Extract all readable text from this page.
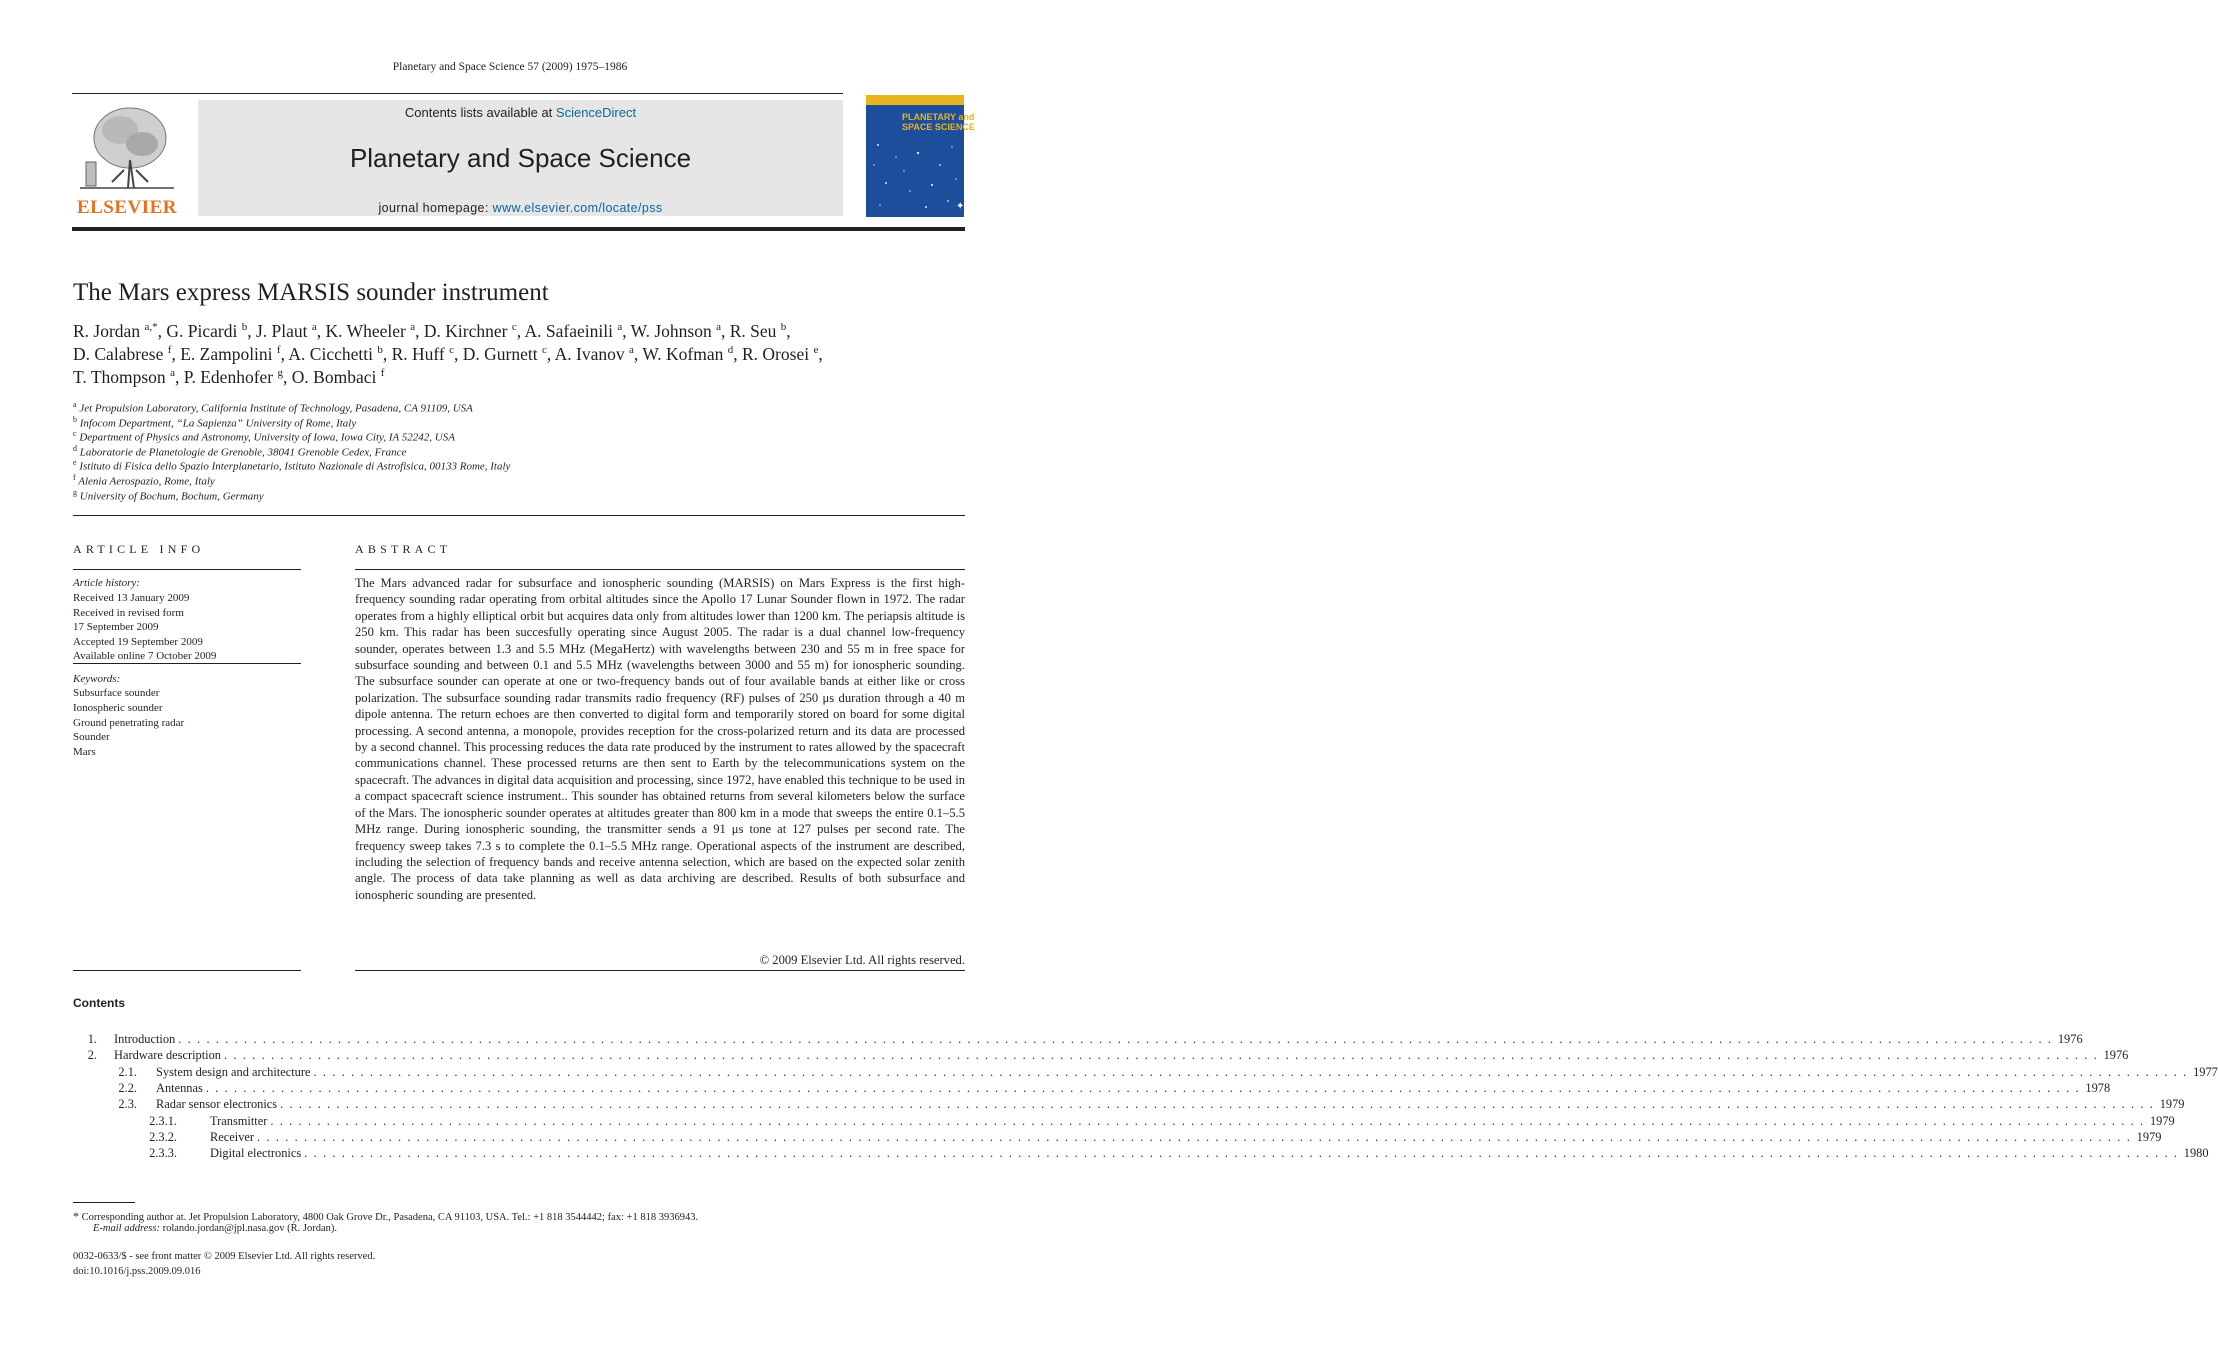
Planetary and Space Science 57 (2009) 1975–1986
ELSEVIER
Contents lists available at ScienceDirect
Planetary and Space Science
journal homepage: www.elsevier.com/locate/pss	✦
PLANETARY and
SPACE SCIENCE
The Mars express MARSIS sounder instrument
R. Jordan $^{a,*}$, G. Picardi $^b$, J. Plaut $^a$, K. Wheeler $^a$, D. Kirchner $^c$, A. Safaeinili $^a$, W. Johnson $^a$, R. Seu $^b$,
D. Calabrese $^f$, E. Zampolini $^f$, A. Cicchetti $^b$, R. Huff $^c$, D. Gurnett $^c$, A. Ivanov $^a$, W. Kofman $^d$, R. Orosei $^e$,
T. Thompson $^a$, P. Edenhofer $^g$, O. Bombaci $^f$
$^a$ Jet Propulsion Laboratory, California Institute of Technology, Pasadena, CA 91109, USA
$^b$ Infocom Department, “La Sapienza” University of Rome, Italy
$^c$ Department of Physics and Astronomy, University of Iowa, Iowa City, IA 52242, USA
$^d$ Laboratorie de Planetologie de Grenoble, 38041 Grenoble Cedex, France
$^e$ Istituto di Fisica dello Spazio Interplanetario, Istituto Nazionale di Astrofisica, 00133 Rome, Italy
$^f$ Alenia Aerospazio, Rome, Italy
$^g$ University of Bochum, Bochum, Germany
ARTICLE INFO	ABSTRACT
Article history:
Received 13 January 2009
Received in revised form
17 September 2009
Accepted 19 September 2009
Available online 7 October 2009
Keywords:
Subsurface sounder
Ionospheric sounder
Ground penetrating radar
Sounder
Mars
The Mars advanced radar for subsurface and ionospheric sounding (MARSIS) on Mars Express is the first high-frequency sounding radar operating from orbital altitudes since the Apollo 17 Lunar Sounder flown in 1972. The radar operates from a highly elliptical orbit but acquires data only from altitudes lower than 1200 km. The periapsis altitude is 250 km. This radar has been succesfully operating since August 2005. The radar is a dual channel low-frequency sounder, operates between 1.3 and 5.5 MHz (MegaHertz) with wavelengths between 230 and 55 m in free space for subsurface sounding and between 0.1 and 5.5 MHz (wavelengths between 3000 and 55 m) for ionospheric sounding. The subsurface sounder can operate at one or two-frequency bands out of four available bands at either like or cross polarization. The subsurface sounding radar transmits radio frequency (RF) pulses of 250 μs duration through a 40 m dipole antenna. The return echoes are then converted to digital form and temporarily stored on board for some digital processing. A second antenna, a monopole, provides reception for the cross-polarized return and its data are processed by a second channel. This processing reduces the data rate produced by the instrument to rates allowed by the spacecraft communications channel. These processed returns are then sent to Earth by the telecommunications system on the spacecraft. The advances in digital data acquisition and processing, since 1972, have enabled this technique to be used in a compact spacecraft science instrument.. This sounder has obtained returns from several kilometers below the surface of the Mars. The ionospheric sounder operates at altitudes greater than 800 km in a mode that sweeps the entire 0.1–5.5 MHz range. During ionospheric sounding, the transmitter sends a 91 μs tone at 127 pulses per second rate. The frequency sweep takes 7.3 s to complete the 0.1–5.5 MHz range. Operational aspects of the instrument are described, including the selection of frequency bands and receive antenna selection, which are based on the expected solar zenith angle. The process of data take planning as well as data archiving are described. Results of both subsurface and ionospheric sounding are presented.
© 2009 Elsevier Ltd. All rights reserved.
Contents
1. Introduction . . . . . . . . . . . . . . . . . . . . . . . . . . . . . . . . . . . . . . . . . . . . . . . . . . . . . . . . . . . . . . . . . . . . . . . . . . . . . . . . . . . . . . . . . . . . . . . . . . . . . . . . . . . . . . . . . . . . . . . . . . . . . . . . . . . . . . . . . . . . . . . . . . . . . . . . . . . . . . . . . . . . . . . . . . . . . . . . . . . . . . . . . . . . . . . . . . . . . . . . 1976
2. Hardware description . . . . . . . . . . . . . . . . . . . . . . . . . . . . . . . . . . . . . . . . . . . . . . . . . . . . . . . . . . . . . . . . . . . . . . . . . . . . . . . . . . . . . . . . . . . . . . . . . . . . . . . . . . . . . . . . . . . . . . . . . . . . . . . . . . . . . . . . . . . . . . . . . . . . . . . . . . . . . . . . . . . . . . . . . . . . . . . . . . . . . . . . . . . . . . . . . . . . . . . . 1976
2.1. System design and architecture . . . . . . . . . . . . . . . . . . . . . . . . . . . . . . . . . . . . . . . . . . . . . . . . . . . . . . . . . . . . . . . . . . . . . . . . . . . . . . . . . . . . . . . . . . . . . . . . . . . . . . . . . . . . . . . . . . . . . . . . . . . . . . . . . . . . . . . . . . . . . . . . . . . . . . . . . . . . . . . . . . . . . . . . . . . . . . . . . . . . . . . . . . . . . . . . . . . . . . . . 1977
2.2. Antennas . . . . . . . . . . . . . . . . . . . . . . . . . . . . . . . . . . . . . . . . . . . . . . . . . . . . . . . . . . . . . . . . . . . . . . . . . . . . . . . . . . . . . . . . . . . . . . . . . . . . . . . . . . . . . . . . . . . . . . . . . . . . . . . . . . . . . . . . . . . . . . . . . . . . . . . . . . . . . . . . . . . . . . . . . . . . . . . . . . . . . . . . . . . . . . . . . . . . . . . . 1978
2.3. Radar sensor electronics . . . . . . . . . . . . . . . . . . . . . . . . . . . . . . . . . . . . . . . . . . . . . . . . . . . . . . . . . . . . . . . . . . . . . . . . . . . . . . . . . . . . . . . . . . . . . . . . . . . . . . . . . . . . . . . . . . . . . . . . . . . . . . . . . . . . . . . . . . . . . . . . . . . . . . . . . . . . . . . . . . . . . . . . . . . . . . . . . . . . . . . . . . . . . . . . . . . . . . . . 1979
2.3.1.	Transmitter . . . . . . . . . . . . . . . . . . . . . . . . . . . . . . . . . . . . . . . . . . . . . . . . . . . . . . . . . . . . . . . . . . . . . . . . . . . . . . . . . . . . . . . . . . . . . . . . . . . . . . . . . . . . . . . . . . . . . . . . . . . . . . . . . . . . . . . . . . . . . . . . . . . . . . . . . . . . . . . . . . . . . . . . . . . . . . . . . . . . . . . . . . . . . . . . . . . . . . . . 1979
2.3.2.	Receiver . . . . . . . . . . . . . . . . . . . . . . . . . . . . . . . . . . . . . . . . . . . . . . . . . . . . . . . . . . . . . . . . . . . . . . . . . . . . . . . . . . . . . . . . . . . . . . . . . . . . . . . . . . . . . . . . . . . . . . . . . . . . . . . . . . . . . . . . . . . . . . . . . . . . . . . . . . . . . . . . . . . . . . . . . . . . . . . . . . . . . . . . . . . . . . . . . . . . . . . . 1979
2.3.3.	Digital electronics . . . . . . . . . . . . . . . . . . . . . . . . . . . . . . . . . . . . . . . . . . . . . . . . . . . . . . . . . . . . . . . . . . . . . . . . . . . . . . . . . . . . . . . . . . . . . . . . . . . . . . . . . . . . . . . . . . . . . . . . . . . . . . . . . . . . . . . . . . . . . . . . . . . . . . . . . . . . . . . . . . . . . . . . . . . . . . . . . . . . . . . . . . . . . . . . . . . . . . . . 1980
* Corresponding author at. Jet Propulsion Laboratory, 4800 Oak Grove Dr., Pasadena, CA 91103, USA. Tel.: +1 818 3544442; fax: +1 818 3936943.
E-mail address: rolando.jordan@jpl.nasa.gov (R. Jordan).
0032-0633/$ - see front matter © 2009 Elsevier Ltd. All rights reserved.
doi:10.1016/j.pss.2009.09.016
